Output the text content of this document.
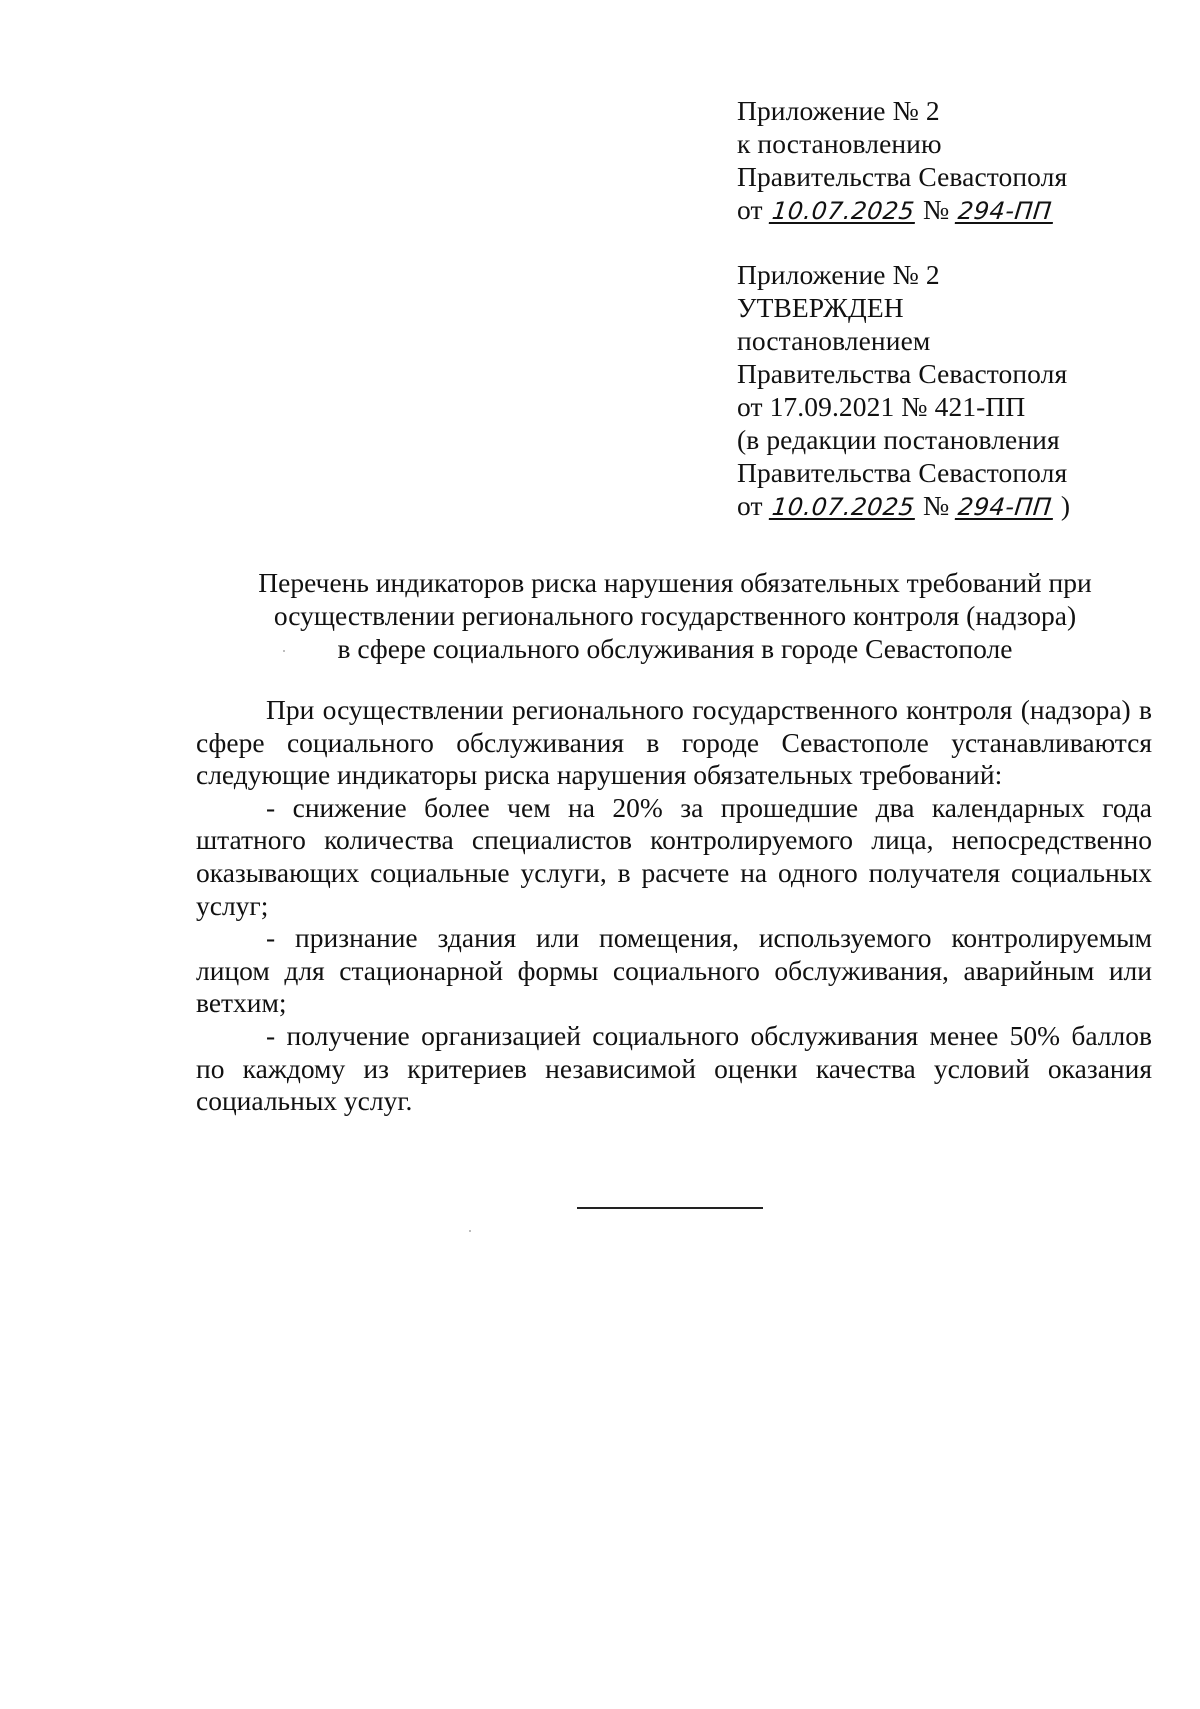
Приложение № 2
к постановлению
Правительства Севастополя
от 10.07.2025 № 294-ПП
Приложение № 2
УТВЕРЖДЕН
постановлением
Правительства Севастополя
от 17.09.2021 № 421-ПП
(в редакции постановления
Правительства Севастополя
от 10.07.2025 № 294-ПП )
Перечень индикаторов риска нарушения обязательных требований при
осуществлении регионального государственного контроля (надзора)
в сфере социального обслуживания в городе Севастополе

При осуществлении регионального государственного контроля (надзора) в сфере социального обслуживания в городе Севастополе устанавливаются следующие индикаторы риска нарушения обязательных требований:

- снижение более чем на 20% за прошедшие два календарных года штатного количества специалистов контролируемого лица, непосредственно оказывающих социальные услуги, в расчете на одного получателя социальных услуг;

- признание здания или помещения, используемого контролируемым лицом для стационарной формы социального обслуживания, аварийным или ветхим;

- получение организацией социального обслуживания менее 50% баллов по каждому из критериев независимой оценки качества условий оказания социальных услуг.
